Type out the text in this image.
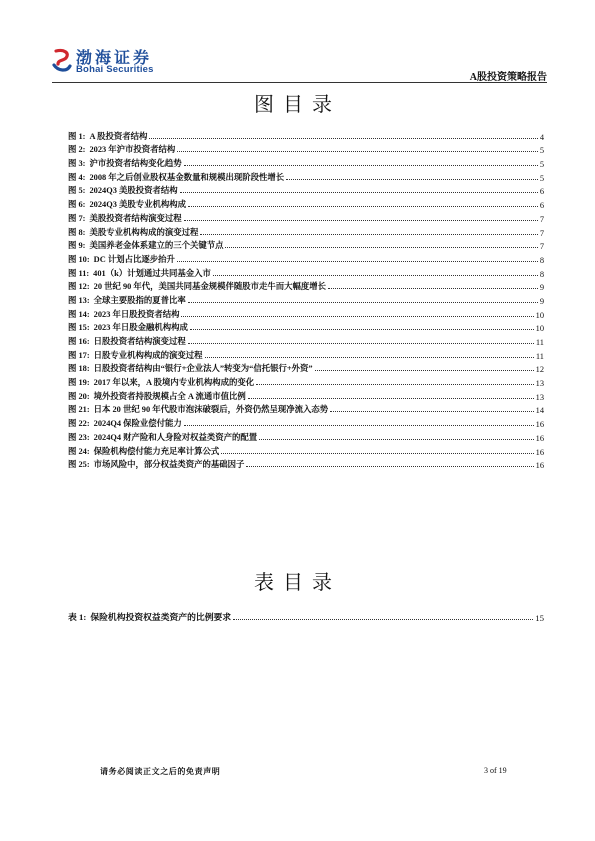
渤海证券
Bohai Securities
A股投资策略报告
图目录
图 1: A 股投资者结构	4
图 2: 2023 年沪市投资者结构	5
图 3: 沪市投资者结构变化趋势	5
图 4: 2008 年之后创业股权基金数量和规模出现阶段性增长	5
图 5: 2024Q3 美股投资者结构	6
图 6: 2024Q3 美股专业机构构成	6
图 7: 美股投资者结构演变过程	7
图 8: 美股专业机构构成的演变过程	7
图 9: 美国养老金体系建立的三个关键节点	7
图 10: DC 计划占比逐步抬升	8
图 11: 401（k）计划通过共同基金入市	8
图 12: 20 世纪 90 年代，美国共同基金规模伴随股市走牛而大幅度增长	9
图 13: 全球主要股指的夏普比率	9
图 14: 2023 年日股投资者结构	10
图 15: 2023 年日股金融机构构成	10
图 16: 日股投资者结构演变过程	11
图 17: 日股专业机构构成的演变过程	11
图 18: 日股投资者结构由“银行+企业法人”转变为“信托银行+外资”	12
图 19: 2017 年以来，A 股境内专业机构构成的变化	13
图 20: 境外投资者持股规模占全 A 流通市值比例	13
图 21: 日本 20 世纪 90 年代股市泡沫破裂后，外资仍然呈现净流入态势	14
图 22: 2024Q4 保险业偿付能力	16
图 23: 2024Q4 财产险和人身险对权益类资产的配置	16
图 24: 保险机构偿付能力充足率计算公式	16
图 25: 市场风险中，部分权益类资产的基础因子	16
表目录
表 1: 保险机构投资权益类资产的比例要求	15
请务必阅读正文之后的免责声明	3 of 19
